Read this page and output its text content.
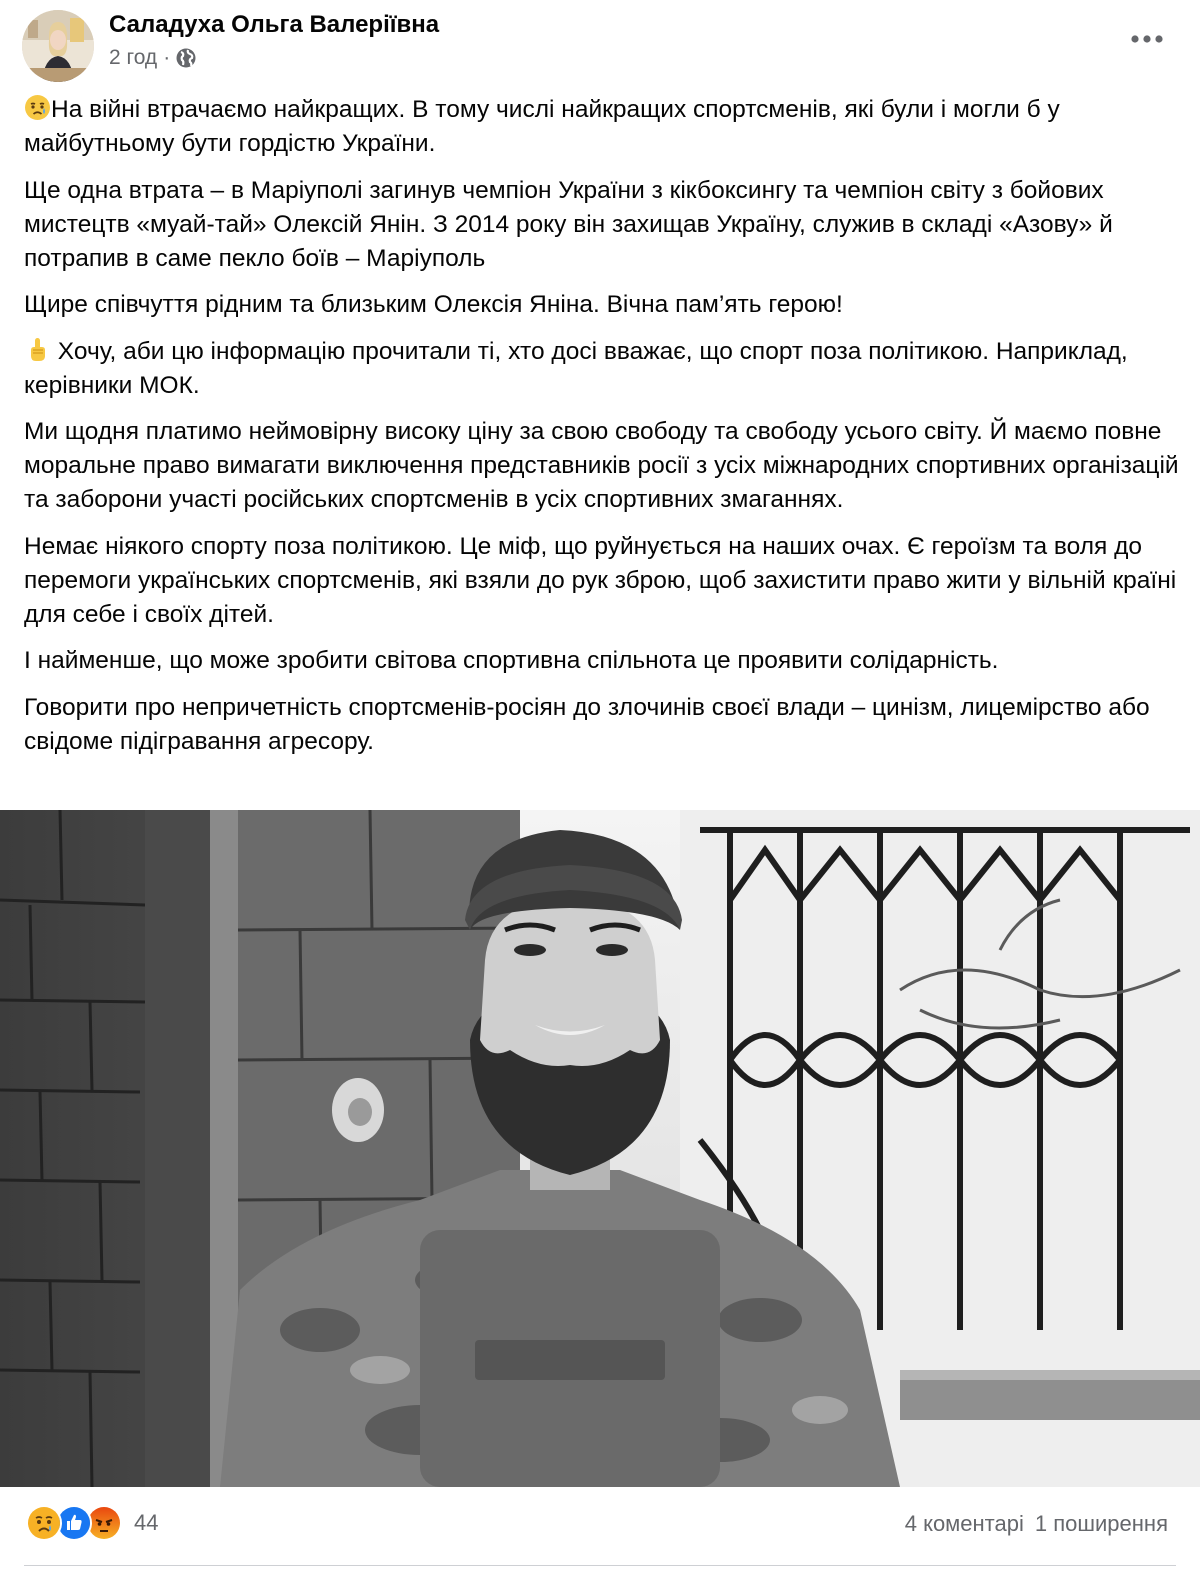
Саладуха Ольга Валеріївна
2 год ·

На війні втрачаємо найкращих. В тому числі найкращих спортсменів, які були і могли б у майбутньому бути гордістю України.

Ще одна втрата – в Маріуполі загинув чемпіон України з кікбоксингу та чемпіон світу з бойових мистецтв «муай-тай» Олексій Янін. З 2014 року він захищав Україну, служив в складі «Азову» й потрапив в саме пекло боїв – Маріуполь

Щире співчуття рідним та близьким Олексія Яніна. Вічна пам’ять герою!

Хочу, аби цю інформацію прочитали ті, хто досі вважає, що спорт поза політикою. Наприклад, керівники МОК.

Ми щодня платимо неймовірну високу ціну за свою свободу та свободу усього світу. Й маємо повне моральне право вимагати виключення представників росії з усіх міжнародних спортивних організацій та заборони участі російських спортсменів в усіх спортивних змаганнях.

Немає ніякого спорту поза політикою. Це міф, що руйнується на наших очах. Є героїзм та воля до перемоги українських спортсменів, які взяли до рук зброю, щоб захистити право жити у вільній країні для себе і своїх дітей.

І найменше, що може зробити світова спортивна спільнота це проявити солідарність.

Говорити про непричетність спортсменів-росіян до злочинів своєї влади – цинізм, лицемірство або свідоме підігравання агресору.

44	4 коментарі 1 поширення
